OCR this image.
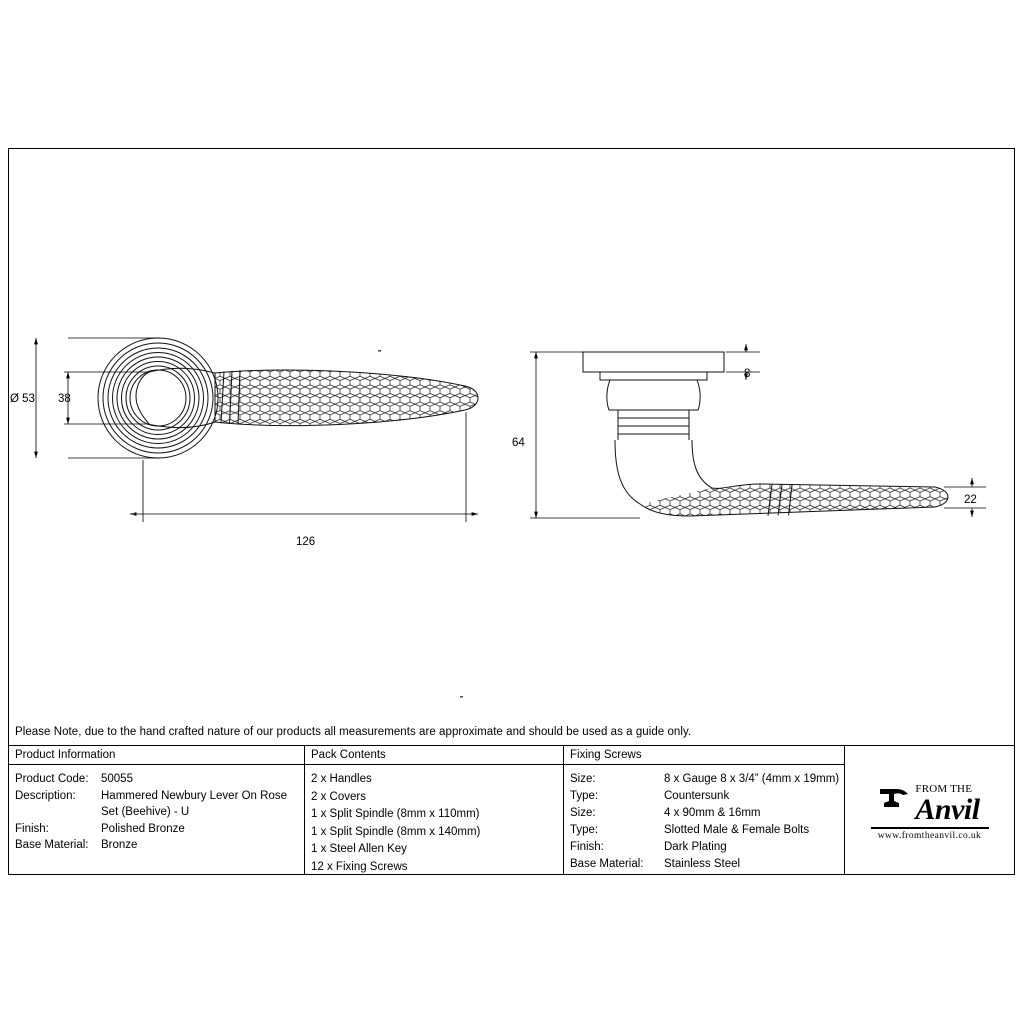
Ø 53 38
126
8
64
22
Please Note, due to the hand crafted nature of our products all measurements are approximate and should be used as a guide only.
Product Information
Product Code:	50055
Description:	Hammered Newbury Lever On Rose
Set (Beehive) - U
Finish:	Polished Bronze
Base Material:	Bronze
Pack Contents
2 x Handles
2 x Covers
1 x Split Spindle (8mm x 110mm)
1 x Split Spindle (8mm x 140mm)
1 x Steel Allen Key
12 x Fixing Screws
Fixing Screws
Size:	8 x Gauge 8 x 3/4” (4mm x 19mm)
Type:	Countersunk
Size:	4 x 90mm & 16mm
Type:	Slotted Male & Female Bolts
Finish:	Dark Plating
Base Material:	Stainless Steel
FROM THE
Anvil
www.fromtheanvil.co.uk
